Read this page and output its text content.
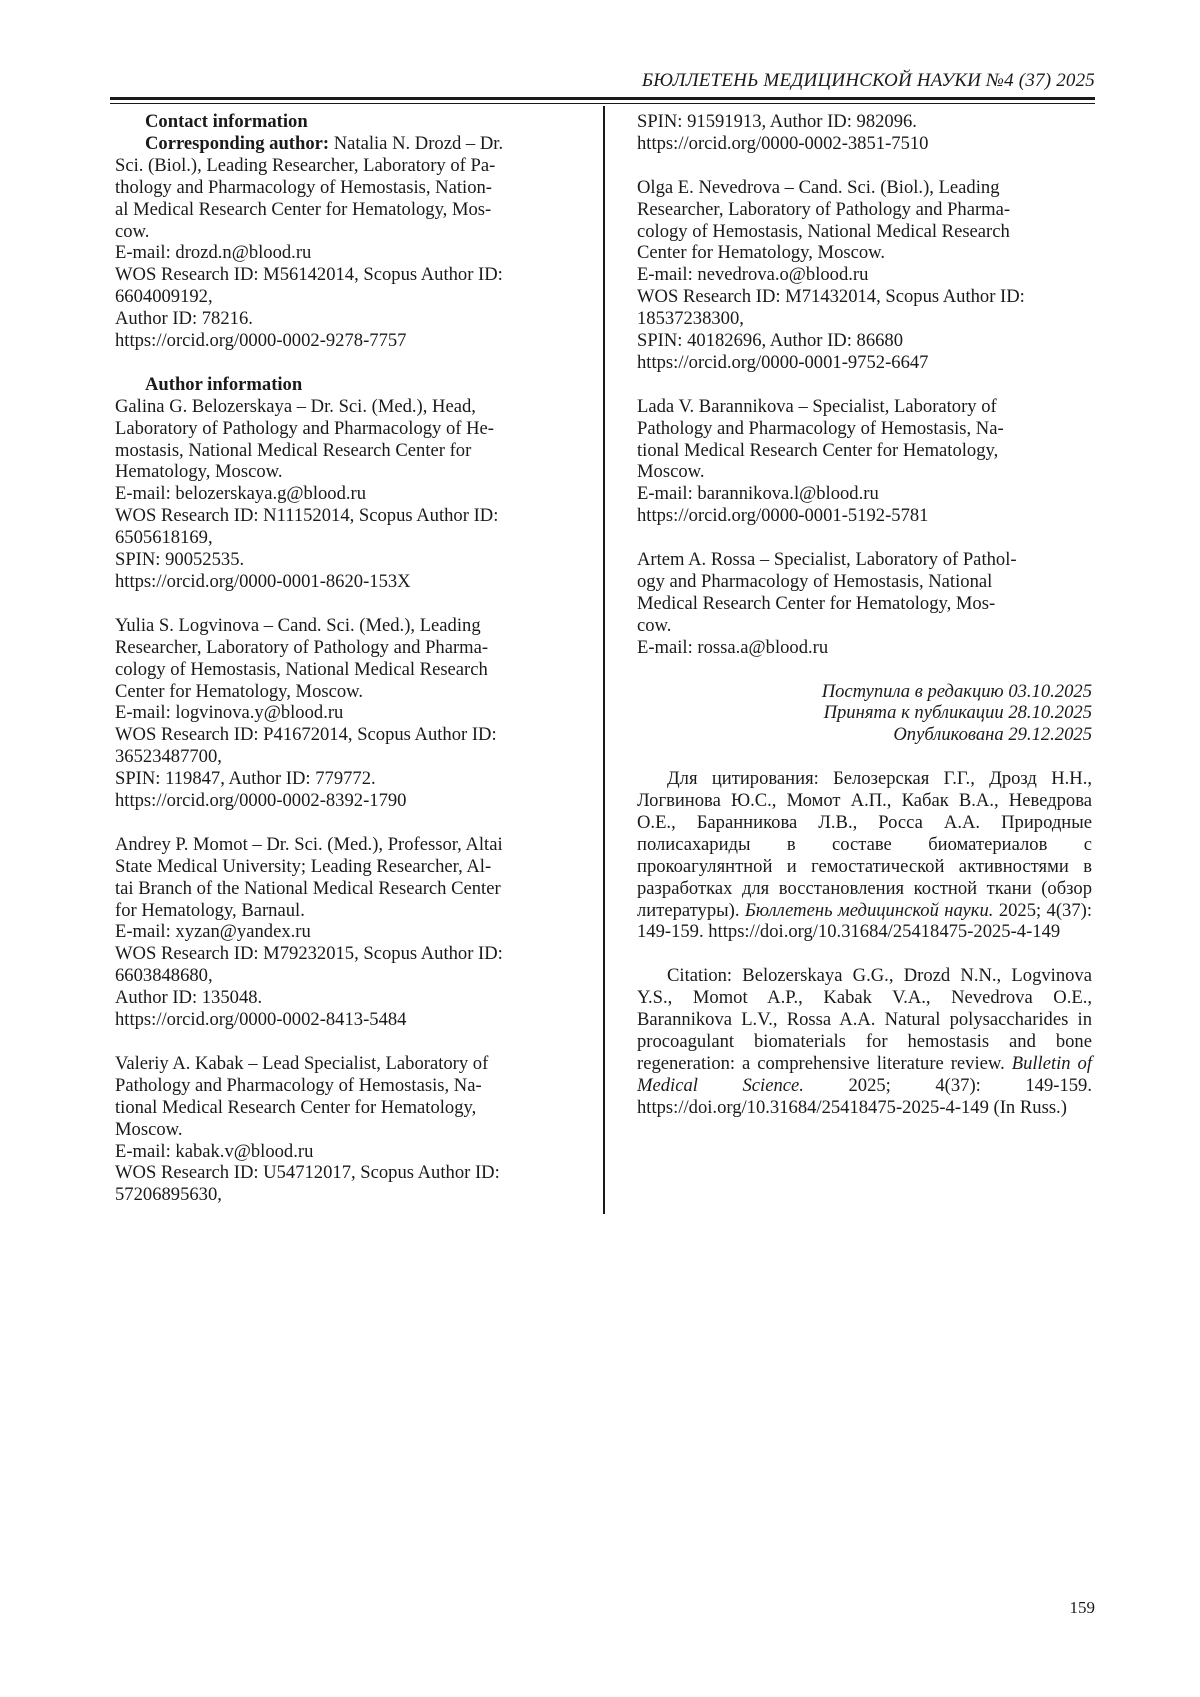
БЮЛЛЕТЕНЬ МЕДИЦИНСКОЙ НАУКИ №4 (37) 2025
Contact information
Corresponding author: Natalia N. Drozd – Dr.
Sci. (Biol.), Leading Researcher, Laboratory of Pa-
thology and Pharmacology of Hemostasis, Nation-
al Medical Research Center for Hematology, Mos-
cow.
E-mail: drozd.n@blood.ru
WOS Research ID: M56142014, Scopus Author ID:
6604009192,
Author ID: 78216.
https://orcid.org/0000-0002-9278-7757
Author information
Galina G. Belozerskaya – Dr. Sci. (Med.), Head,
Laboratory of Pathology and Pharmacology of He-
mostasis, National Medical Research Center for
Hematology, Moscow.
E-mail: belozerskaya.g@blood.ru
WOS Research ID: N11152014, Scopus Author ID:
6505618169,
SPIN: 90052535.
https://orcid.org/0000-0001-8620-153X
Yulia S. Logvinova – Cand. Sci. (Med.), Leading
Researcher, Laboratory of Pathology and Pharma-
cology of Hemostasis, National Medical Research
Center for Hematology, Moscow.
E-mail: logvinova.y@blood.ru
WOS Research ID: P41672014, Scopus Author ID:
36523487700,
SPIN: 119847, Author ID: 779772.
https://orcid.org/0000-0002-8392-1790
Andrey P. Momot – Dr. Sci. (Med.), Professor, Altai
State Medical University; Leading Researcher, Al-
tai Branch of the National Medical Research Center
for Hematology, Barnaul.
E-mail: xyzan@yandex.ru
WOS Research ID: M79232015, Scopus Author ID:
6603848680,
Author ID: 135048.
https://orcid.org/0000-0002-8413-5484
Valeriy A. Kabak – Lead Specialist, Laboratory of
Pathology and Pharmacology of Hemostasis, Na-
tional Medical Research Center for Hematology,
Moscow.
E-mail: kabak.v@blood.ru
WOS Research ID: U54712017, Scopus Author ID:
57206895630,
SPIN: 91591913, Author ID: 982096.
https://orcid.org/0000-0002-3851-7510
Olga E. Nevedrova – Cand. Sci. (Biol.), Leading
Researcher, Laboratory of Pathology and Pharma-
cology of Hemostasis, National Medical Research
Center for Hematology, Moscow.
E-mail: nevedrova.o@blood.ru
WOS Research ID: M71432014, Scopus Author ID:
18537238300,
SPIN: 40182696, Author ID: 86680
https://orcid.org/0000-0001-9752-6647
Lada V. Barannikova – Specialist, Laboratory of
Pathology and Pharmacology of Hemostasis, Na-
tional Medical Research Center for Hematology,
Moscow.
E-mail: barannikova.l@blood.ru
https://orcid.org/0000-0001-5192-5781
Artem A. Rossa – Specialist, Laboratory of Pathol-
ogy and Pharmacology of Hemostasis, National
Medical Research Center for Hematology, Mos-
cow.
E-mail: rossa.a@blood.ru
Поступила в редакцию 03.10.2025
Принята к публикации 28.10.2025
Опубликована 29.12.2025

Для цитирования: Белозерская Г.Г., Дрозд Н.Н., Логвинова Ю.С., Момот А.П., Кабак В.А., Неведрова О.Е., Баранникова Л.В., Росса А.А. Природные полисахариды в составе биоматериалов с прокоагулянтной и гемостатической активностями в разработках для восстановления костной ткани (обзор литературы). Бюллетень медицинской науки. 2025; 4(37): 149-159. https://doi.org/10.31684/25418475-2025-4-149

Citation: Belozerskaya G.G., Drozd N.N., Logvinova Y.S., Momot A.P., Kabak V.A., Nevedrova O.E., Barannikova L.V., Rossa A.A. Natural polysaccharides in procoagulant biomaterials for hemostasis and bone regeneration: a comprehensive literature review. Bulletin of Medical Science. 2025; 4(37): 149-159. https://doi.org/10.31684/25418475-2025-4-149 (In Russ.)

159
